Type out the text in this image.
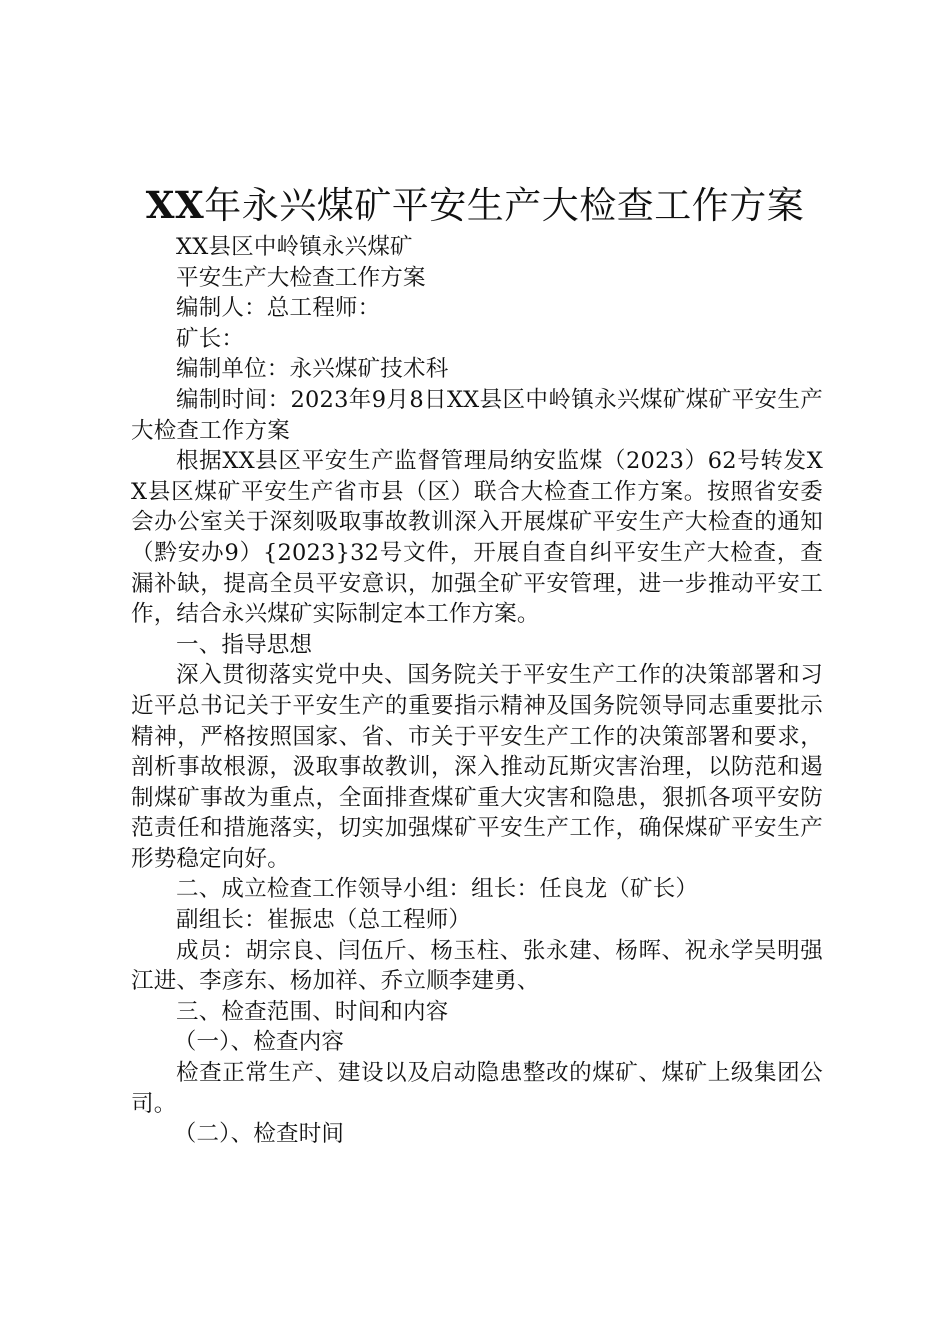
XX年永兴煤矿平安生产大检查工作方案

XX县区中岭镇永兴煤矿

平安生产大检查工作方案

编制人：总工程师：

矿长：

编制单位：永兴煤矿技术科

编制时间：2023年9月8日XX县区中岭镇永兴煤矿煤矿平安生产大检查工作方案

根据XX县区平安生产监督管理局纳安监煤（2023）62号转发XX县区煤矿平安生产省市县（区）联合大检查工作方案。按照省安委会办公室关于深刻吸取事故教训深入开展煤矿平安生产大检查的通知（黔安办9）{2023}32号文件，开展自查自纠平安生产大检查，查漏补缺，提高全员平安意识，加强全矿平安管理，进一步推动平安工作，结合永兴煤矿实际制定本工作方案。

一、指导思想

深入贯彻落实党中央、国务院关于平安生产工作的决策部署和习近平总书记关于平安生产的重要指示精神及国务院领导同志重要批示精神，严格按照国家、省、市关于平安生产工作的决策部署和要求，剖析事故根源，汲取事故教训，深入推动瓦斯灾害治理，以防范和遏制煤矿事故为重点，全面排查煤矿重大灾害和隐患，狠抓各项平安防范责任和措施落实，切实加强煤矿平安生产工作，确保煤矿平安生产形势稳定向好。

二、成立检查工作领导小组：组长：任良龙（矿长）

副组长：崔振忠（总工程师）

成员：胡宗良、闫伍斤、杨玉柱、张永建、杨晖、祝永学吴明强江进、李彦东、杨加祥、乔立顺李建勇、

三、检查范围、时间和内容

（一）、检查内容

检查正常生产、建设以及启动隐患整改的煤矿、煤矿上级集团公司。

（二）、检查时间
